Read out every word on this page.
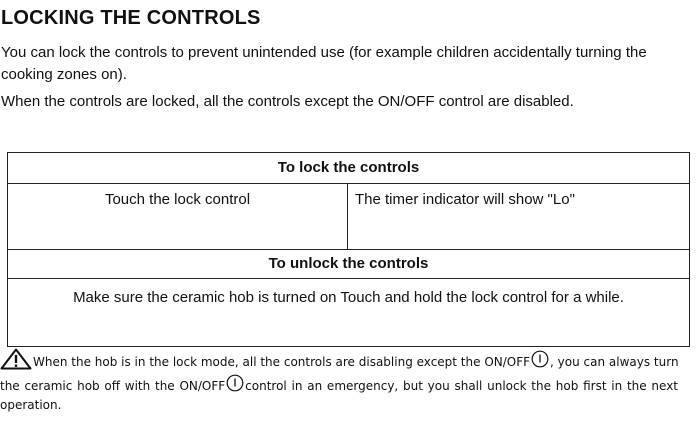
LOCKING THE CONTROLS

You can lock the controls to prevent unintended use (for example children accidentally turning the cooking zones on).

When the controls are locked, all the controls except the ON/OFF control are disabled.

To lock the controls
Touch the lock control	The timer indicator will show "Lo"
To unlock the controls
Make sure the ceramic hob is turned on Touch and hold the lock control for a while.
When the hob is in the lock mode, all the controls are disabling except the ON/OFF , you can always turn
the ceramic hob off with the ON/OFF control in an emergency, but you shall unlock the hob first in the next
operation.
